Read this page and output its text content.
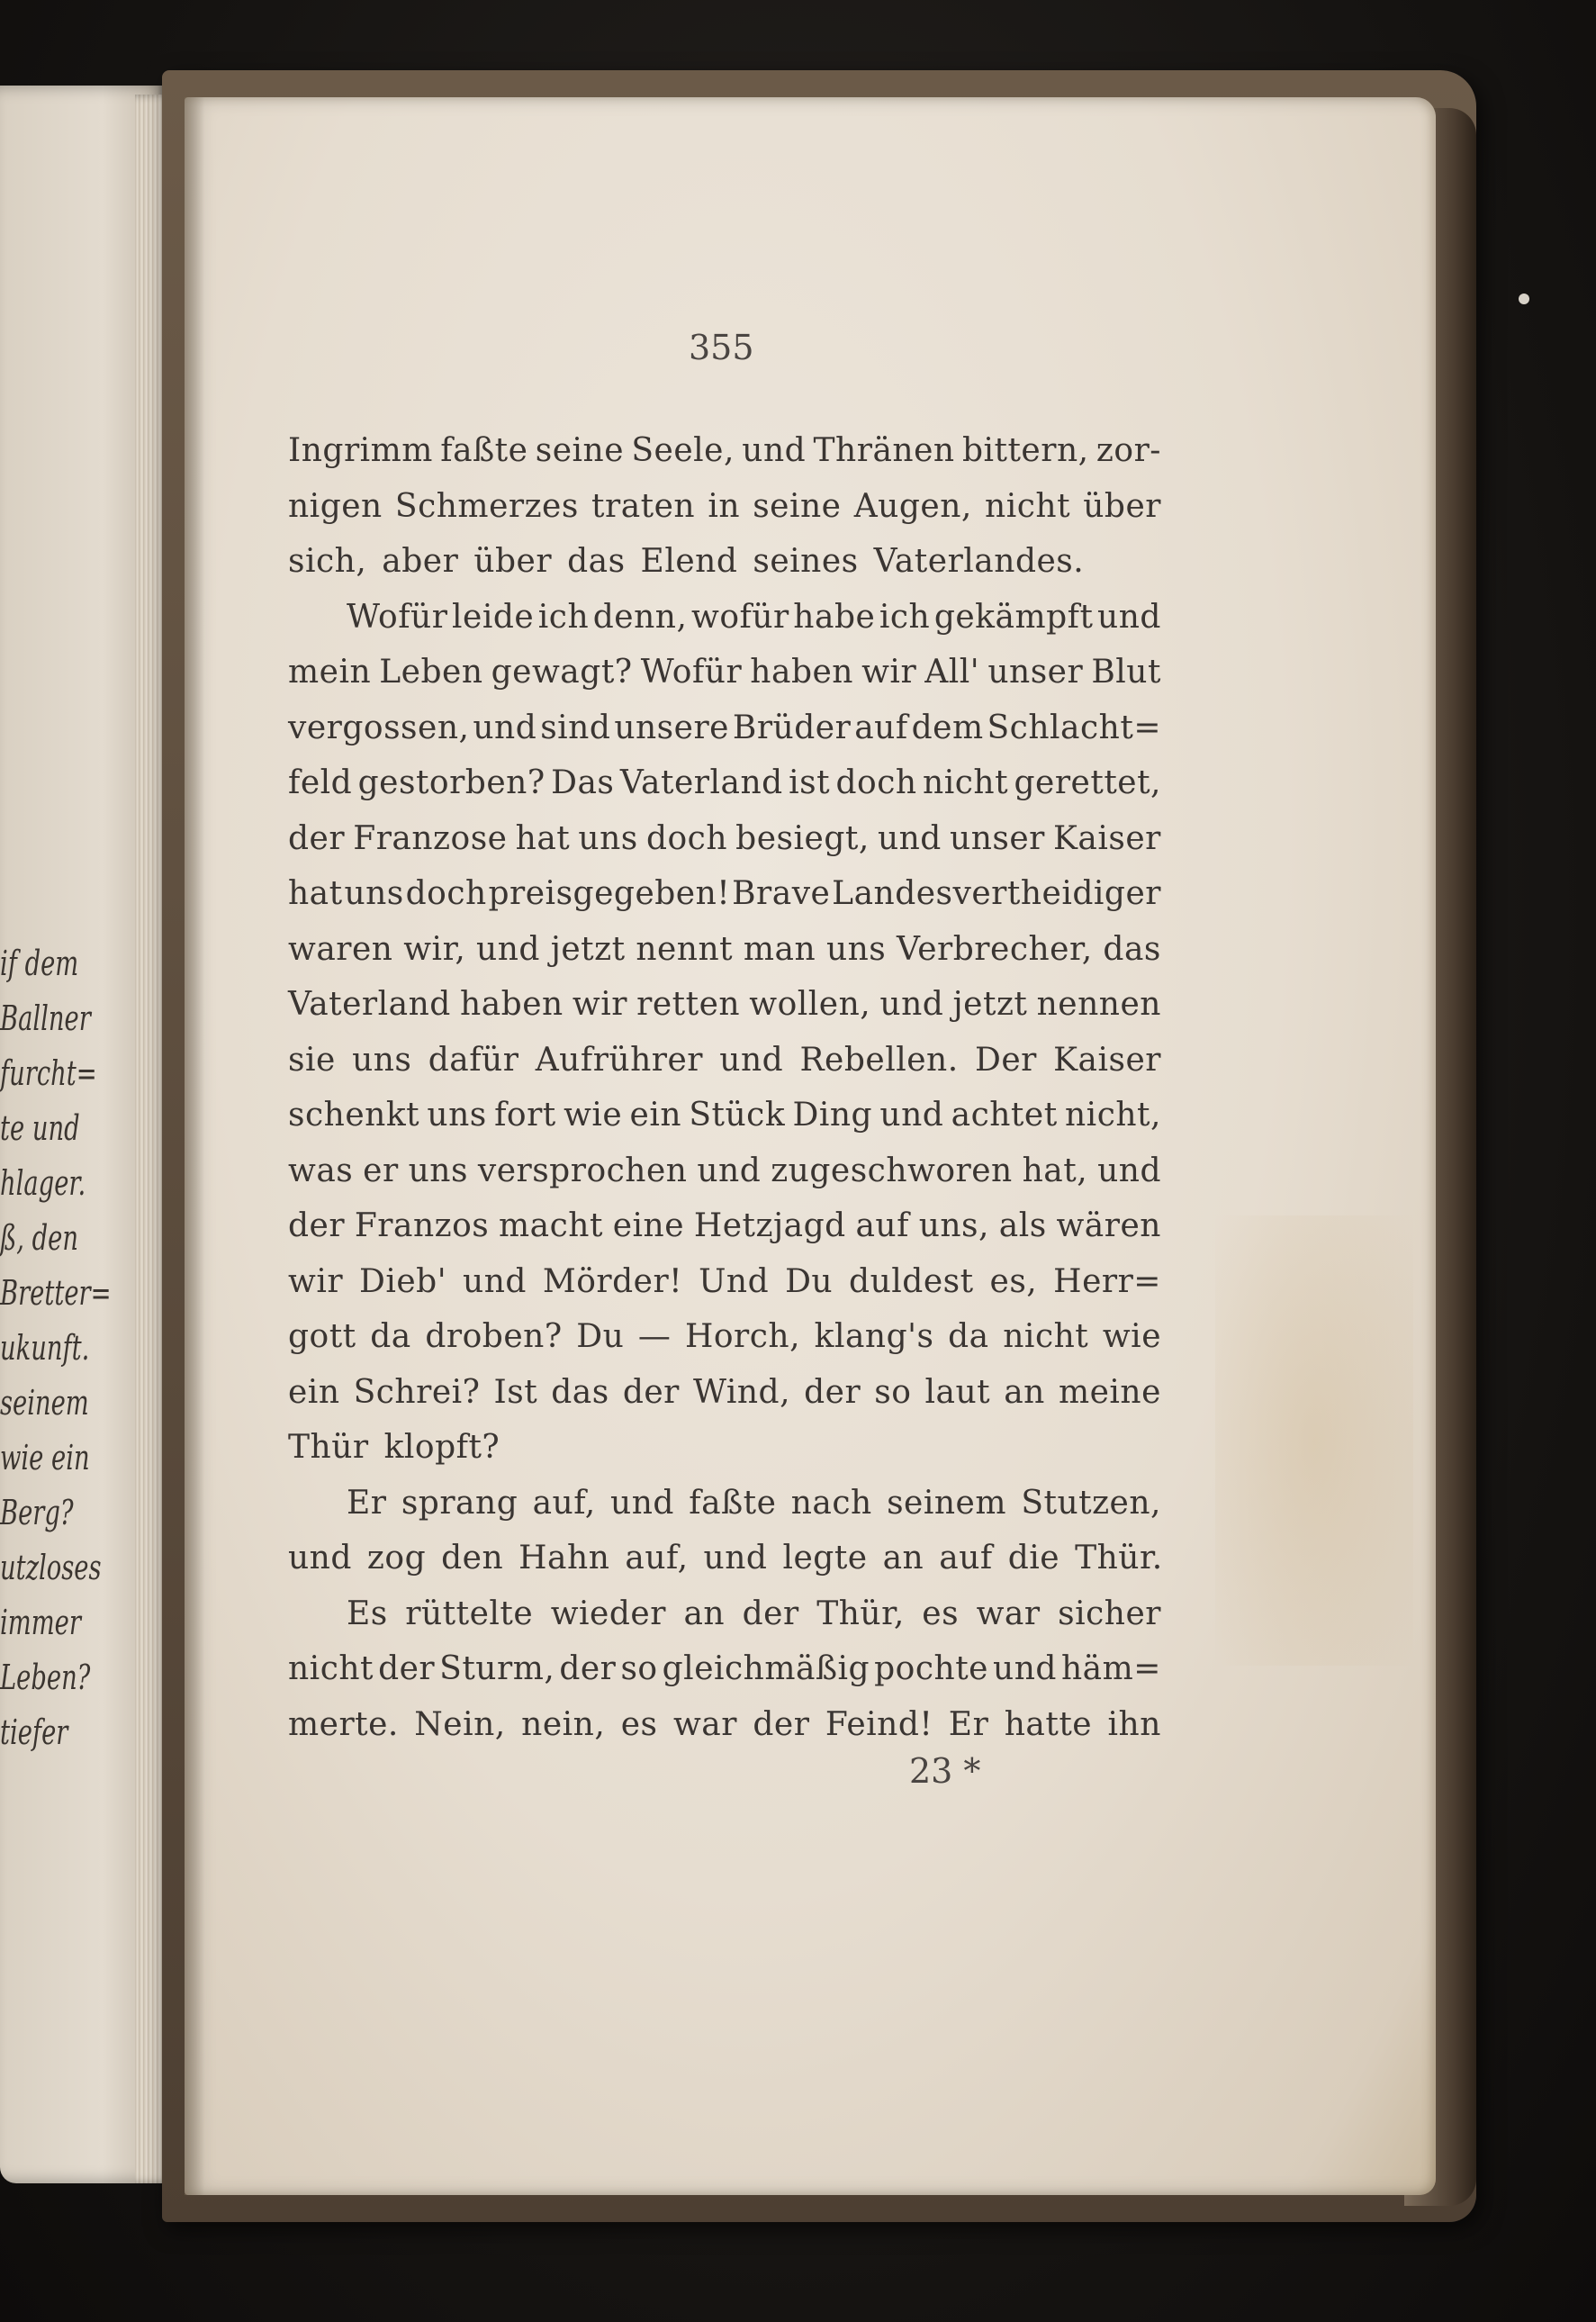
if dem
Ballner
furcht=
te und
hlager.
ß, den
Bretter=
ukunft.
seinem
wie ein
Berg?
utzloses
immer
Leben?
tiefer
355
Ingrimm faßte seine Seele, und Thränen bittern, zor-
nigen Schmerzes traten in seine Augen, nicht über
sich, aber über das Elend seines Vaterlandes.
Wofür leide ich denn, wofür habe ich gekämpft und
mein Leben gewagt? Wofür haben wir All' unser Blut
vergossen, und sind unsere Brüder auf dem Schlacht=
feld gestorben? Das Vaterland ist doch nicht gerettet,
der Franzose hat uns doch besiegt, und unser Kaiser
hat uns doch preisgegeben! Brave Landesvertheidiger
waren wir, und jetzt nennt man uns Verbrecher, das
Vaterland haben wir retten wollen, und jetzt nennen
sie uns dafür Aufrührer und Rebellen. Der Kaiser
schenkt uns fort wie ein Stück Ding und achtet nicht,
was er uns versprochen und zugeschworen hat, und
der Franzos macht eine Hetzjagd auf uns, als wären
wir Dieb' und Mörder! Und Du duldest es, Herr=
gott da droben? Du — Horch, klang's da nicht wie
ein Schrei? Ist das der Wind, der so laut an meine
Thür klopft?
Er sprang auf, und faßte nach seinem Stutzen,
und zog den Hahn auf, und legte an auf die Thür.
Es rüttelte wieder an der Thür, es war sicher
nicht der Sturm, der so gleichmäßig pochte und häm=
merte. Nein, nein, es war der Feind! Er hatte ihn
23 *
